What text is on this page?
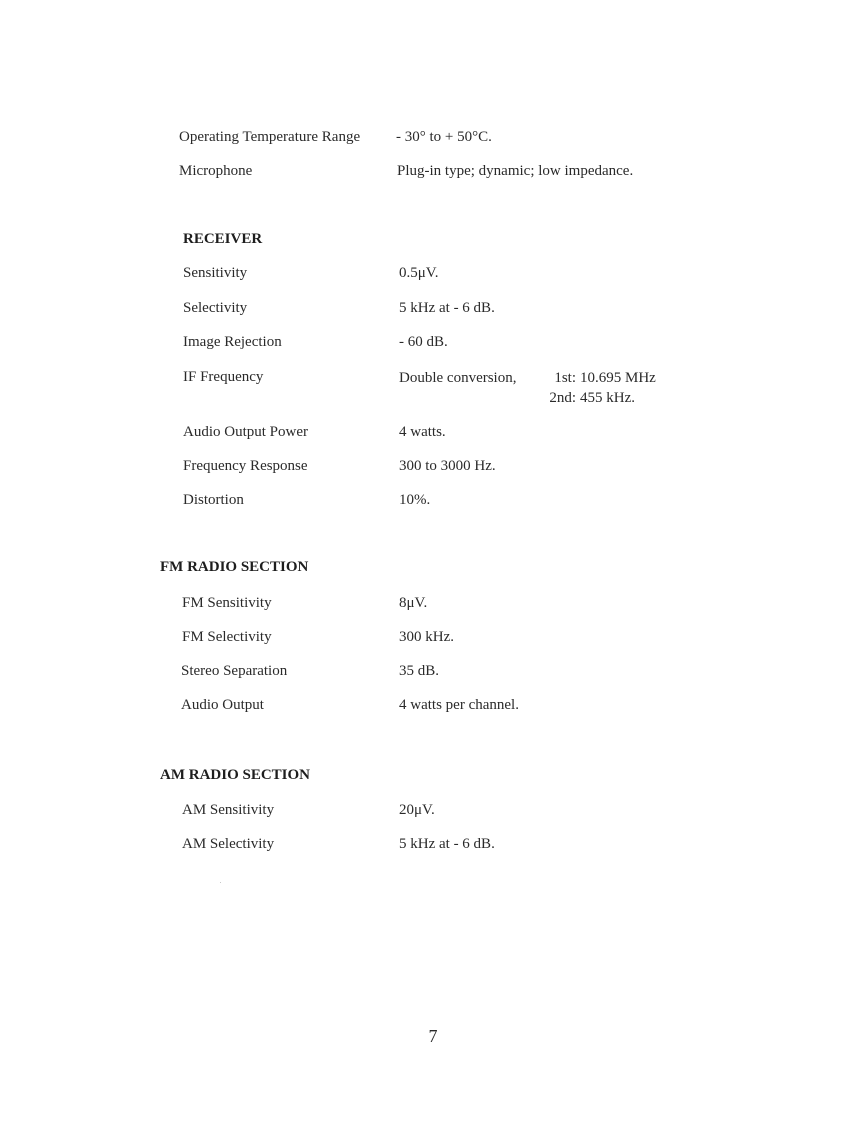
Operating Temperature Range - 30° to + 50°C.
Microphone	Plug-in type; dynamic; low impedance.
RECEIVER
Sensitivity	0.5μV.
Selectivity	5 kHz at - 6 dB.
Image Rejection	- 60 dB.
IF Frequency	Double conversion,	1st: 10.695 MHz
2nd: 455 kHz.
Audio Output Power	4 watts.
Frequency Response	300 to 3000 Hz.
Distortion	10%.
FM RADIO SECTION
FM Sensitivity	8μV.
FM Selectivity	300 kHz.
Stereo Separation	35 dB.
Audio Output	4 watts per channel.
AM RADIO SECTION
AM Sensitivity	20μV.
AM Selectivity	5 kHz at - 6 dB.
7
